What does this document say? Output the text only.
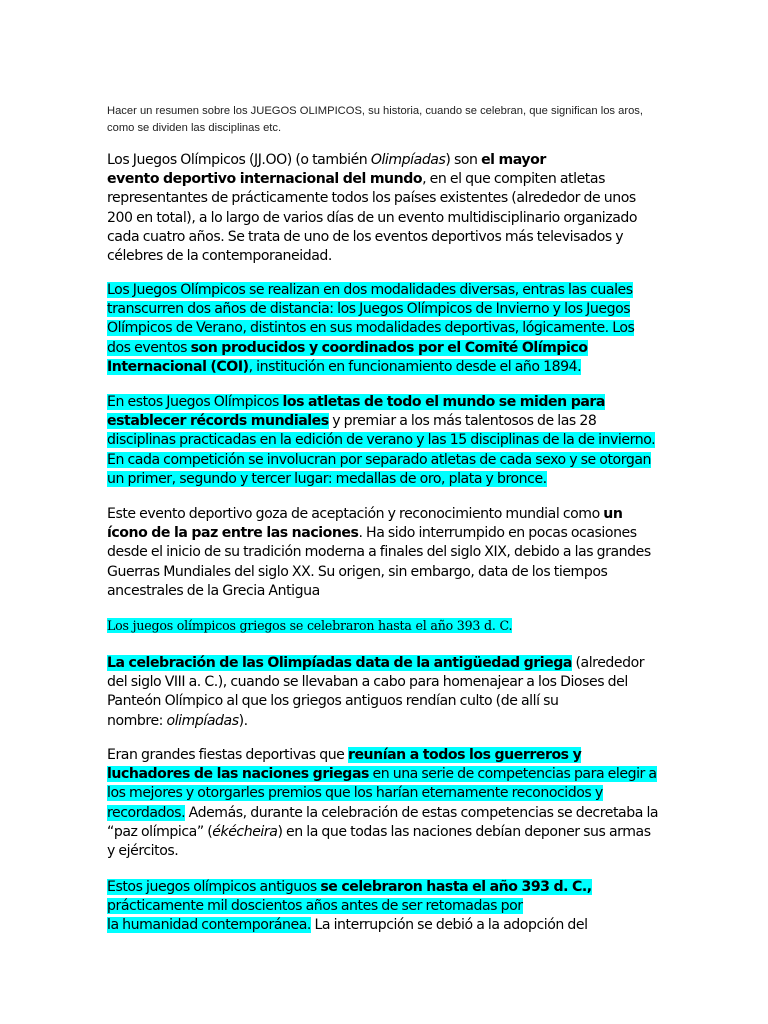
Hacer un resumen sobre los JUEGOS OLIMPICOS, su historia, cuando se celebran, que significan los aros,
como se dividen las disciplinas etc.
Los Juegos Olímpicos (JJ.OO) (o también Olimpíadas) son el mayor
evento deportivo internacional del mundo, en el que compiten atletas
representantes de prácticamente todos los países existentes (alrededor de unos
200 en total), a lo largo de varios días de un evento multidisciplinario organizado
cada cuatro años. Se trata de uno de los eventos deportivos más televisados y
célebres de la contemporaneidad.
Los Juegos Olímpicos se realizan en dos modalidades diversas, entras las cuales
transcurren dos años de distancia: los Juegos Olímpicos de Invierno y los Juegos
Olímpicos de Verano, distintos en sus modalidades deportivas, lógicamente. Los
dos eventos son producidos y coordinados por el Comité Olímpico
Internacional (COI), institución en funcionamiento desde el año 1894.
En estos Juegos Olímpicos los atletas de todo el mundo se miden para
establecer récords mundiales y premiar a los más talentosos de las 28
disciplinas practicadas en la edición de verano y las 15 disciplinas de la de invierno.
En cada competición se involucran por separado atletas de cada sexo y se otorgan
un primer, segundo y tercer lugar: medallas de oro, plata y bronce.
Este evento deportivo goza de aceptación y reconocimiento mundial como un
ícono de la paz entre las naciones. Ha sido interrumpido en pocas ocasiones
desde el inicio de su tradición moderna a finales del siglo XIX, debido a las grandes
Guerras Mundiales del siglo XX. Su origen, sin embargo, data de los tiempos
ancestrales de la Grecia Antigua
Los juegos olímpicos griegos se celebraron hasta el año 393 d. C.
La celebración de las Olimpíadas data de la antigüedad griega (alrededor
del siglo VIII a. C.), cuando se llevaban a cabo para homenajear a los Dioses del
Panteón Olímpico al que los griegos antiguos rendían culto (de allí su
nombre: olimpíadas).
Eran grandes fiestas deportivas que reunían a todos los guerreros y
luchadores de las naciones griegas en una serie de competencias para elegir a
los mejores y otorgarles premios que los harían eternamente reconocidos y
recordados. Además, durante la celebración de estas competencias se decretaba la
“paz olímpica” (ékécheira) en la que todas las naciones debían deponer sus armas
y ejércitos.
Estos juegos olímpicos antiguos se celebraron hasta el año 393 d. C.,
prácticamente mil doscientos años antes de ser retomadas por
la humanidad contemporánea. La interrupción se debió a la adopción del
